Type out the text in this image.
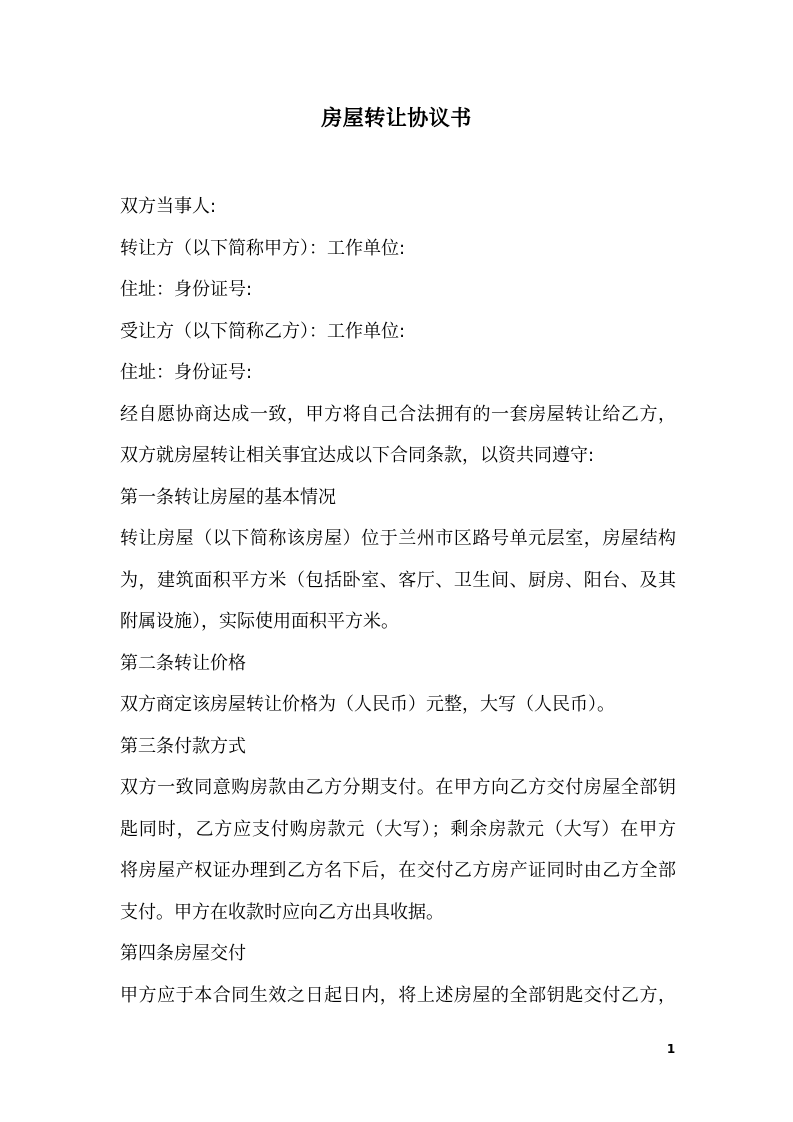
房屋转让协议书
双方当事人:
转让方（以下简称甲方）：工作单位:
住址：身份证号:
受让方（以下简称乙方）：工作单位:
住址：身份证号:
经自愿协商达成一致，甲方将自己合法拥有的一套房屋转让给乙方，
双方就房屋转让相关事宜达成以下合同条款，以资共同遵守:
第一条转让房屋的基本情况
转让房屋（以下简称该房屋）位于兰州市区路号单元层室，房屋结构
为，建筑面积平方米（包括卧室、客厅、卫生间、厨房、阳台、及其
附属设施），实际使用面积平方米。
第二条转让价格
双方商定该房屋转让价格为（人民币）元整，大写（人民币）。
第三条付款方式
双方一致同意购房款由乙方分期支付。在甲方向乙方交付房屋全部钥
匙同时，乙方应支付购房款元（大写）；剩余房款元（大写）在甲方
将房屋产权证办理到乙方名下后，在交付乙方房产证同时由乙方全部
支付。甲方在收款时应向乙方出具收据。
第四条房屋交付
甲方应于本合同生效之日起日内，将上述房屋的全部钥匙交付乙方，
1
